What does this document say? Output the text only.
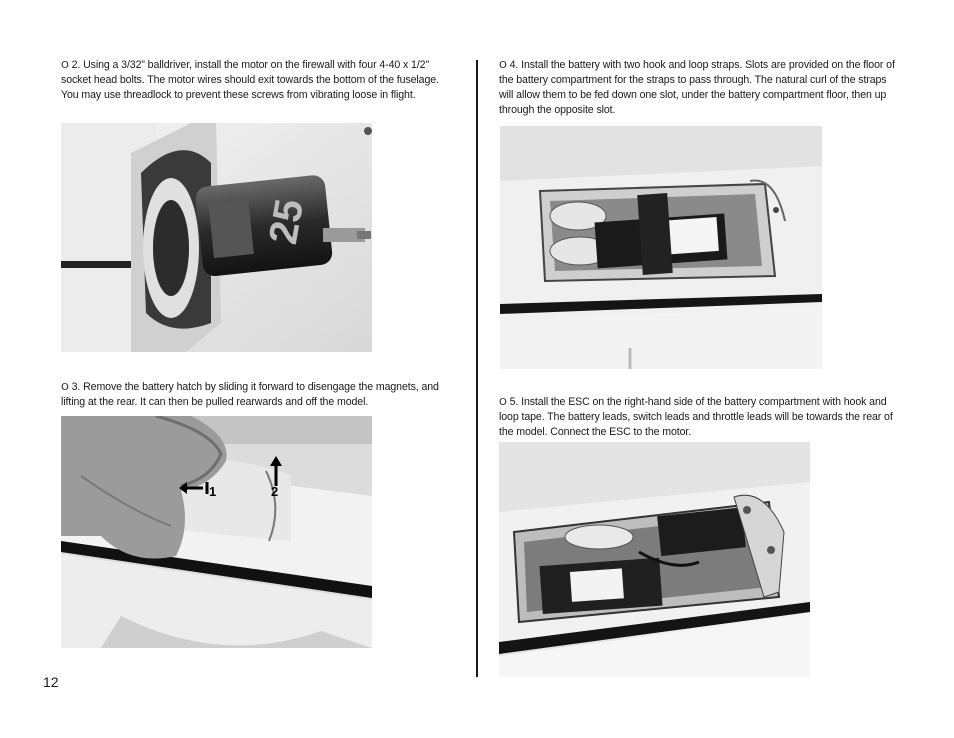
O 2. Using a 3/32” balldriver, install the motor on the firewall with four 4-40 x 1/2" socket head bolts. The motor wires should exit towards the bottom of the fuselage. You may use threadlock to prevent these screws from vibrating loose in flight.
25
O 3. Remove the battery hatch by sliding it forward to disengage the magnets, and lifting at the rear. It can then be pulled rearwards and off the model.
1	2
O 4. Install the battery with two hook and loop straps. Slots are provided on the floor of the battery compartment for the straps to pass through. The natural curl of the straps will allow them to be fed down one slot, under the battery compartment floor, then up through the opposite slot.
O 5. Install the ESC on the right-hand side of the battery compartment with hook and loop tape. The battery leads, switch leads and throttle leads will be towards the rear of the model. Connect the ESC to the motor.
12
